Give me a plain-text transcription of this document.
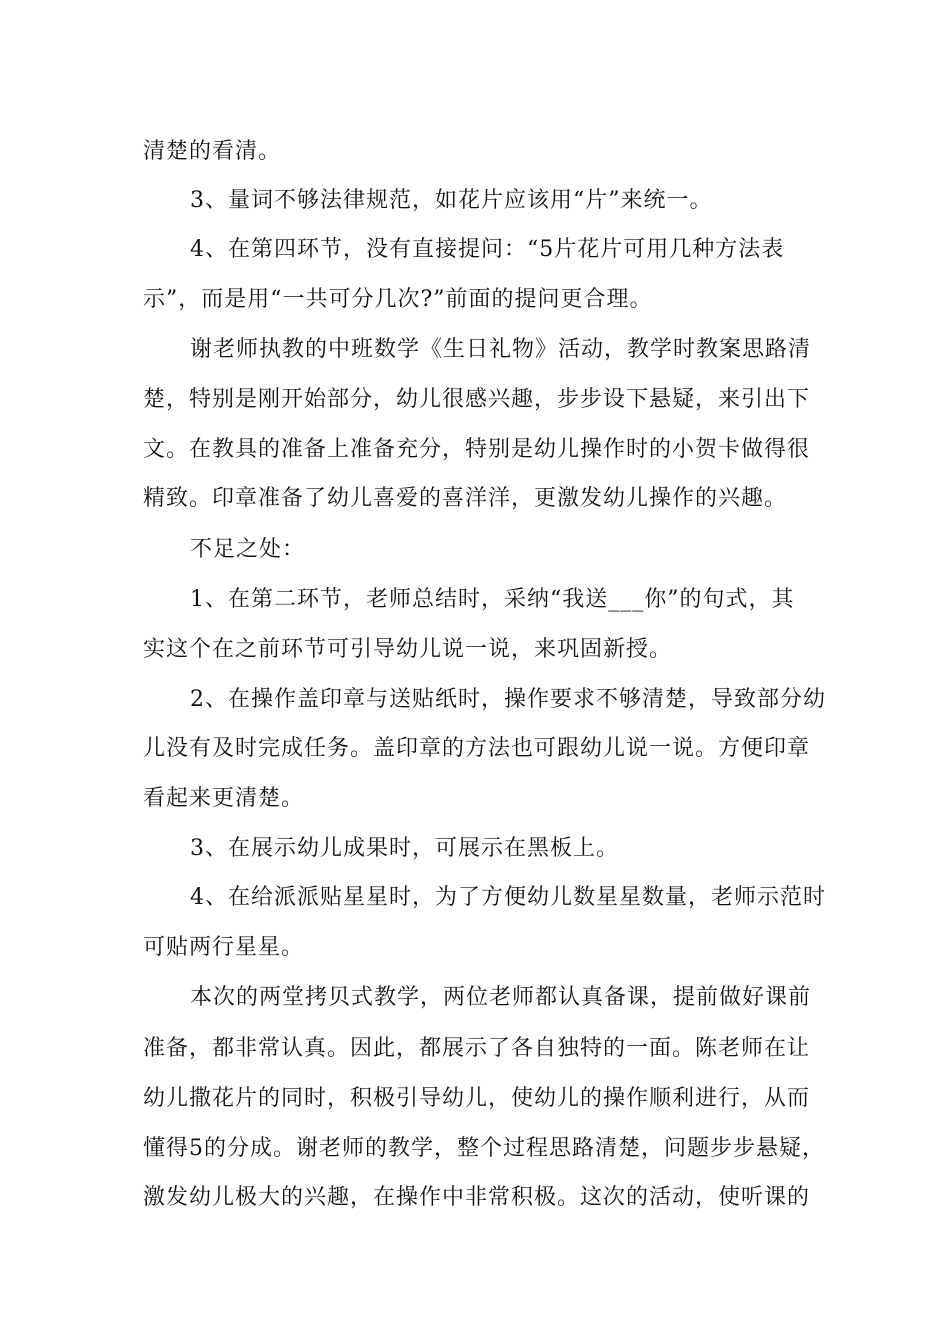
清楚的看清。
3、量词不够法律规范，如花片应该用“片”来统一。
4、在第四环节，没有直接提问：“5片花片可用几种方法表
示”，而是用“一共可分几次?”前面的提问更合理。
谢老师执教的中班数学《生日礼物》活动，教学时教案思路清
楚，特别是刚开始部分，幼儿很感兴趣，步步设下悬疑，来引出下
文。在教具的准备上准备充分，特别是幼儿操作时的小贺卡做得很
精致。印章准备了幼儿喜爱的喜洋洋，更激发幼儿操作的兴趣。
不足之处：
1、在第二环节，老师总结时，采纳“我送___你”的句式，其
实这个在之前环节可引导幼儿说一说，来巩固新授。
2、在操作盖印章与送贴纸时，操作要求不够清楚，导致部分幼
儿没有及时完成任务。盖印章的方法也可跟幼儿说一说。方便印章
看起来更清楚。
3、在展示幼儿成果时，可展示在黑板上。
4、在给派派贴星星时，为了方便幼儿数星星数量，老师示范时
可贴两行星星。
本次的两堂拷贝式教学，两位老师都认真备课，提前做好课前
准备，都非常认真。因此，都展示了各自独特的一面。陈老师在让
幼儿撒花片的同时，积极引导幼儿，使幼儿的操作顺利进行，从而
懂得5的分成。谢老师的教学，整个过程思路清楚，问题步步悬疑，
激发幼儿极大的兴趣，在操作中非常积极。这次的活动，使听课的
